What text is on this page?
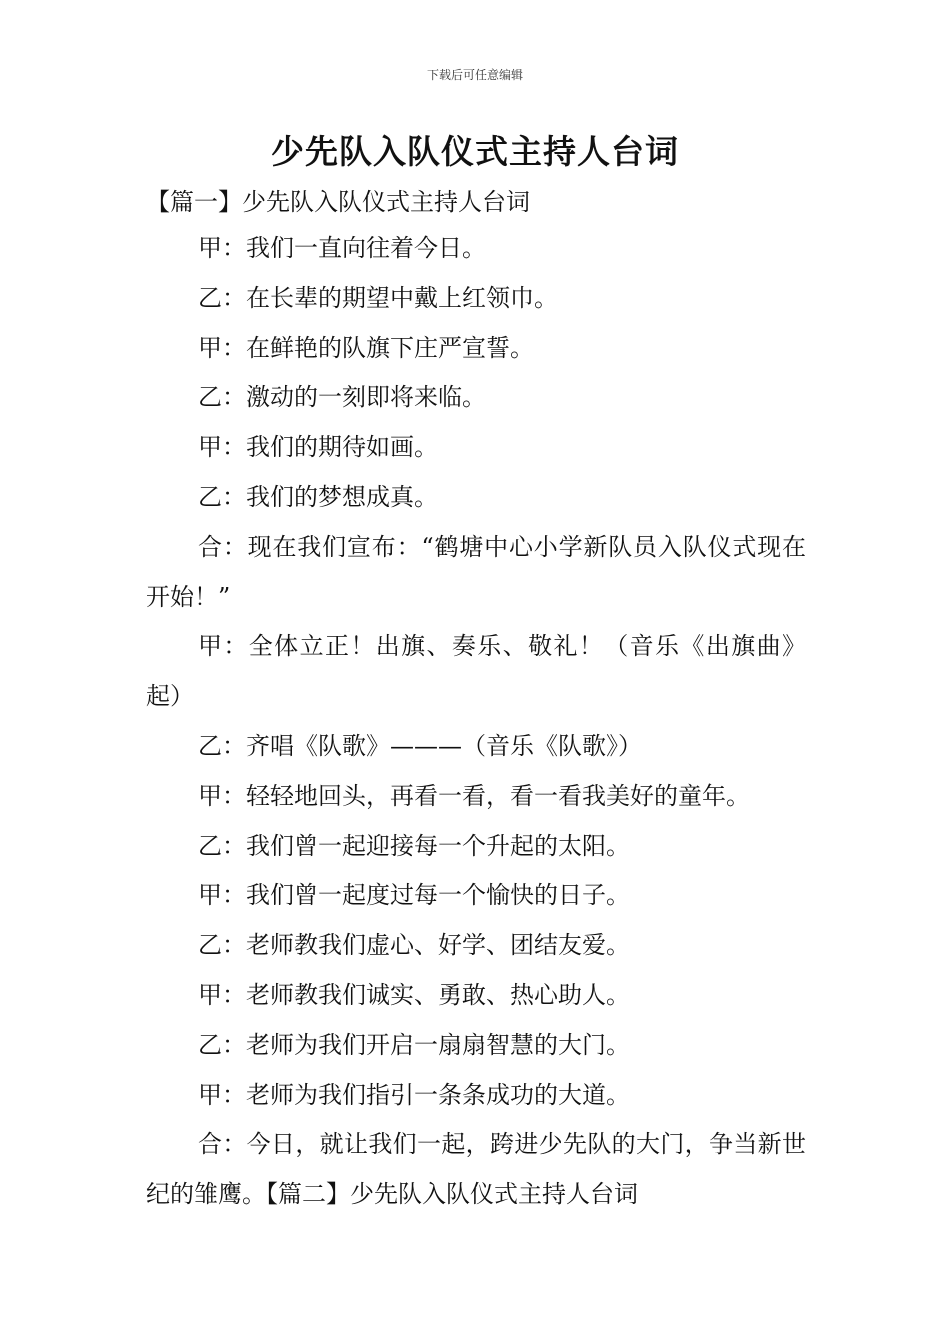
下载后可任意编辑
少先队入队仪式主持人台词
【篇一】少先队入队仪式主持人台词

甲：我们一直向往着今日。

乙：在长辈的期望中戴上红领巾。

甲：在鲜艳的队旗下庄严宣誓。

乙：激动的一刻即将来临。

甲：我们的期待如画。

乙：我们的梦想成真。

合：现在我们宣布：“鹤塘中心小学新队员入队仪式现在开始！”

甲：全体立正！出旗、奏乐、敬礼！（音乐《出旗曲》起）

乙：齐唱《队歌》———（音乐《队歌》）

甲：轻轻地回头，再看一看，看一看我美好的童年。

乙：我们曾一起迎接每一个升起的太阳。

甲：我们曾一起度过每一个愉快的日子。

乙：老师教我们虚心、好学、团结友爱。

甲：老师教我们诚实、勇敢、热心助人。

乙：老师为我们开启一扇扇智慧的大门。

甲：老师为我们指引一条条成功的大道。

合：今日，就让我们一起，跨进少先队的大门，争当新世纪的雏鹰。【篇二】少先队入队仪式主持人台词
